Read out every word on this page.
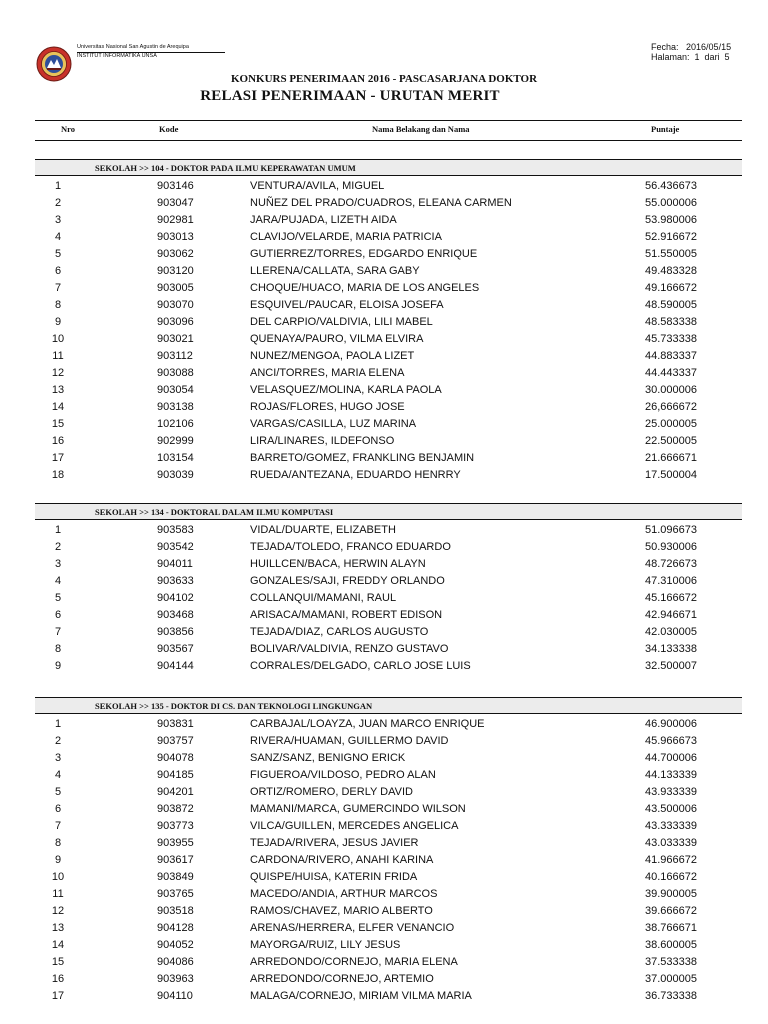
Universitas Nasional San Agustin de Arequipa
INSTITUT INFORMATIKA UNSA
Fecha: 2016/05/15
Halaman: 1  dari  5
KONKURS PENERIMAAN 2016 - PASCASARJANA DOKTOR
RELASI PENERIMAAN - URUTAN MERIT
Nro	Kode	Nama Belakang dan Nama	Puntaje
SEKOLAH >> 104 - DOKTOR PADA ILMU KEPERAWATAN UMUM
1	903146	VENTURA/AVILA, MIGUEL	56.436673
2	903047	NUÑEZ DEL PRADO/CUADROS, ELEANA CARMEN	55.000006
3	902981	JARA/PUJADA, LIZETH AIDA	53.980006
4	903013	CLAVIJO/VELARDE, MARIA PATRICIA	52.916672
5	903062	GUTIERREZ/TORRES, EDGARDO ENRIQUE	51.550005
6	903120	LLERENA/CALLATA, SARA GABY	49.483328
7	903005	CHOQUE/HUACO, MARIA DE LOS ANGELES	49.166672
8	903070	ESQUIVEL/PAUCAR, ELOISA JOSEFA	48.590005
9	903096	DEL CARPIO/VALDIVIA, LILI MABEL	48.583338
10	903021	QUENAYA/PAURO, VILMA ELVIRA	45.733338
11	903112	NUNEZ/MENGOA, PAOLA LIZET	44.883337
12	903088	ANCI/TORRES, MARIA ELENA	44.443337
13	903054	VELASQUEZ/MOLINA, KARLA PAOLA	30.000006
14	903138	ROJAS/FLORES, HUGO JOSE	26,666672
15	102106	VARGAS/CASILLA, LUZ MARINA	25.000005
16	902999	LIRA/LINARES, ILDEFONSO	22.500005
17	103154	BARRETO/GOMEZ, FRANKLING BENJAMIN	21.666671
18	903039	RUEDA/ANTEZANA, EDUARDO HENRRY	17.500004
SEKOLAH >> 134 - DOKTORAL DALAM ILMU KOMPUTASI
1	903583	VIDAL/DUARTE, ELIZABETH	51.096673
2	903542	TEJADA/TOLEDO, FRANCO EDUARDO	50.930006
3	904011	HUILLCEN/BACA, HERWIN ALAYN	48.726673
4	903633	GONZALES/SAJI, FREDDY ORLANDO	47.310006
5	904102	COLLANQUI/MAMANI, RAUL	45.166672
6	903468	ARISACA/MAMANI, ROBERT EDISON	42.946671
7	903856	TEJADA/DIAZ, CARLOS AUGUSTO	42.030005
8	903567	BOLIVAR/VALDIVIA, RENZO GUSTAVO	34.133338
9	904144	CORRALES/DELGADO, CARLO JOSE LUIS	32.500007
SEKOLAH >> 135 - DOKTOR DI CS. DAN TEKNOLOGI LINGKUNGAN
1	903831	CARBAJAL/LOAYZA, JUAN MARCO ENRIQUE	46.900006
2	903757	RIVERA/HUAMAN, GUILLERMO DAVID	45.966673
3	904078	SANZ/SANZ, BENIGNO ERICK	44.700006
4	904185	FIGUEROA/VILDOSO, PEDRO ALAN	44.133339
5	904201	ORTIZ/ROMERO, DERLY DAVID	43.933339
6	903872	MAMANI/MARCA, GUMERCINDO WILSON	43.500006
7	903773	VILCA/GUILLEN, MERCEDES ANGELICA	43.333339
8	903955	TEJADA/RIVERA, JESUS JAVIER	43.033339
9	903617	CARDONA/RIVERO, ANAHI KARINA	41.966672
10	903849	QUISPE/HUISA, KATERIN FRIDA	40.166672
11	903765	MACEDO/ANDIA, ARTHUR MARCOS	39.900005
12	903518	RAMOS/CHAVEZ, MARIO ALBERTO	39.666672
13	904128	ARENAS/HERRERA, ELFER VENANCIO	38.766671
14	904052	MAYORGA/RUIZ, LILY JESUS	38.600005
15	904086	ARREDONDO/CORNEJO, MARIA ELENA	37.533338
16	903963	ARREDONDO/CORNEJO, ARTEMIO	37.000005
17	904110	MALAGA/CORNEJO, MIRIAM VILMA MARIA	36.733338
